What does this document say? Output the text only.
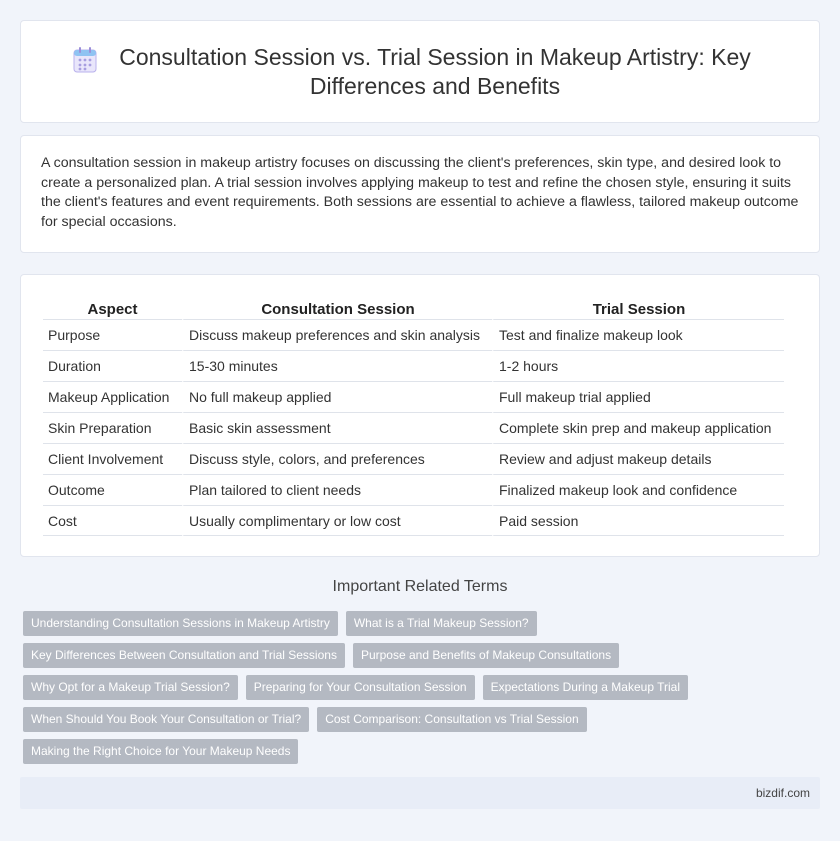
Consultation Session vs. Trial Session in Makeup Artistry: Key Differences and Benefits

A consultation session in makeup artistry focuses on discussing the client's preferences, skin type, and desired look to create a personalized plan. A trial session involves applying makeup to test and refine the chosen style, ensuring it suits the client's features and event requirements. Both sessions are essential to achieve a flawless, tailored makeup outcome for special occasions.

Aspect	Consultation Session	Trial Session
Purpose	Discuss makeup preferences and skin analysis	Test and finalize makeup look
Duration	15-30 minutes	1-2 hours
Makeup Application	No full makeup applied	Full makeup trial applied
Skin Preparation	Basic skin assessment	Complete skin prep and makeup application
Client Involvement	Discuss style, colors, and preferences	Review and adjust makeup details
Outcome	Plan tailored to client needs	Finalized makeup look and confidence
Cost	Usually complimentary or low cost	Paid session
Important Related Terms
Understanding Consultation Sessions in Makeup Artistry	What is a Trial Makeup Session?
Key Differences Between Consultation and Trial Sessions	Purpose and Benefits of Makeup Consultations
Why Opt for a Makeup Trial Session?	Preparing for Your Consultation Session	Expectations During a Makeup Trial
When Should You Book Your Consultation or Trial?	Cost Comparison: Consultation vs Trial Session
Making the Right Choice for Your Makeup Needs
bizdif.com
